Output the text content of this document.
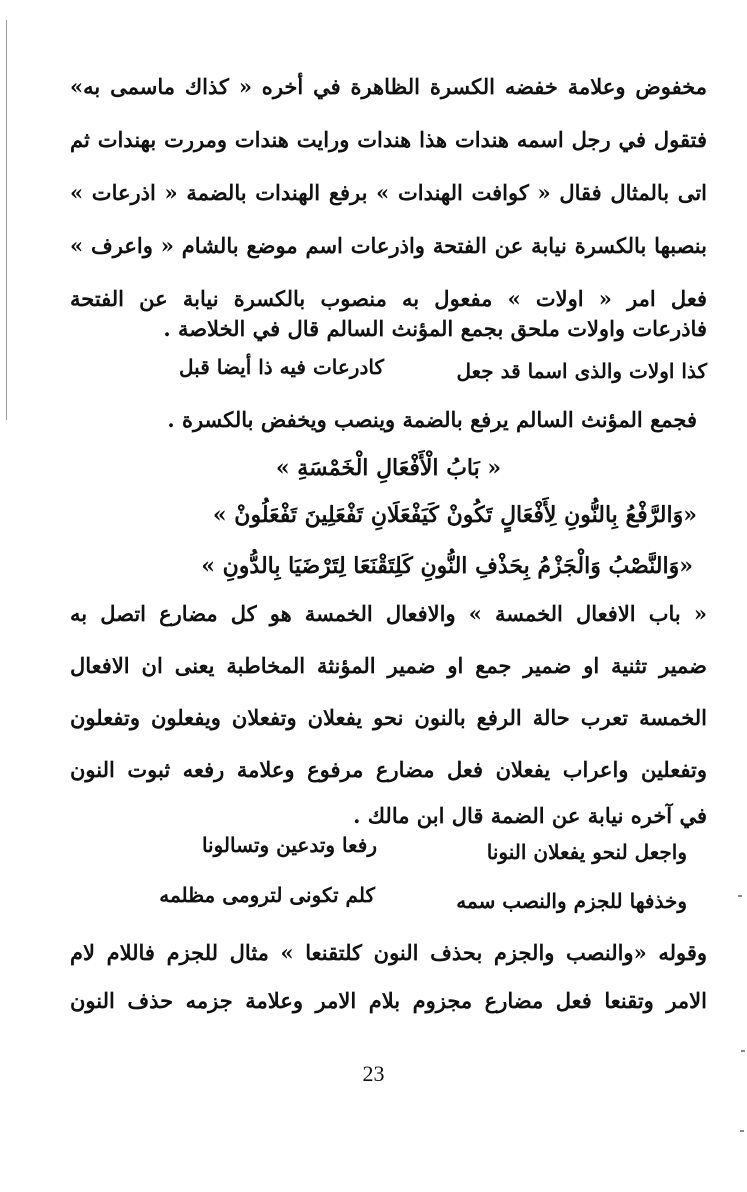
مخفوض وعلامة خفضه الكسرة الظاهرة في أخره « كذاك ماسمى به»
فتقول في رجل اسمه هندات هذا هندات ورايت هندات ومررت بهندات ثم
اتى بالمثال فقال « كوافت الهندات » برفع الهندات بالضمة « اذرعات »
بنصبها بالكسرة نيابة عن الفتحة واذرعات اسم موضع بالشام « واعرف »
فعل امر « اولات » مفعول به منصوب بالكسرة نيابة عن الفتحة
فاذرعات واولات ملحق بجمع المؤنث السالم قال في الخلاصة .
كذا اولات والذى اسما قد جعل
كادرعات فيه ذا أيضا قبل
فجمع المؤنث السالم يرفع بالضمة وينصب ويخفض بالكسرة .
« بَابُ الْأَفْعَالِ الْخَمْسَةِ »
«وَالرَّفْعُ بِالنُّونِ لِأَفْعَالٍ تَكُونْ كَيَفْعَلَانِ تَفْعَلِينَ تَفْعَلُونْ »
«وَالنَّصْبُ وَالْجَزْمُ بِحَذْفِ النُّونِ كَلِتَقْنَعَا لِتَرْضَيَا بِالدُّونِ »
« باب الافعال الخمسة » والافعال الخمسة هو كل مضارع اتصل به
ضمير تثنية او ضمير جمع او ضمير المؤنثة المخاطبة يعنى ان الافعال
الخمسة تعرب حالة الرفع بالنون نحو يفعلان وتفعلان ويفعلون وتفعلون
وتفعلين واعراب يفعلان فعل مضارع مرفوع وعلامة رفعه ثبوت النون
في آخره نيابة عن الضمة قال ابن مالك .
واجعل لنحو يفعلان النونا
رفعا وتدعين وتسالونا
وخذفها للجزم والنصب سمه
كلم تكونى لترومى مظلمه
وقوله «والنصب والجزم بحذف النون كلتقنعا » مثال للجزم فاللام لام
الامر وتقنعا فعل مضارع مجزوم بلام الامر وعلامة جزمه حذف النون
23
